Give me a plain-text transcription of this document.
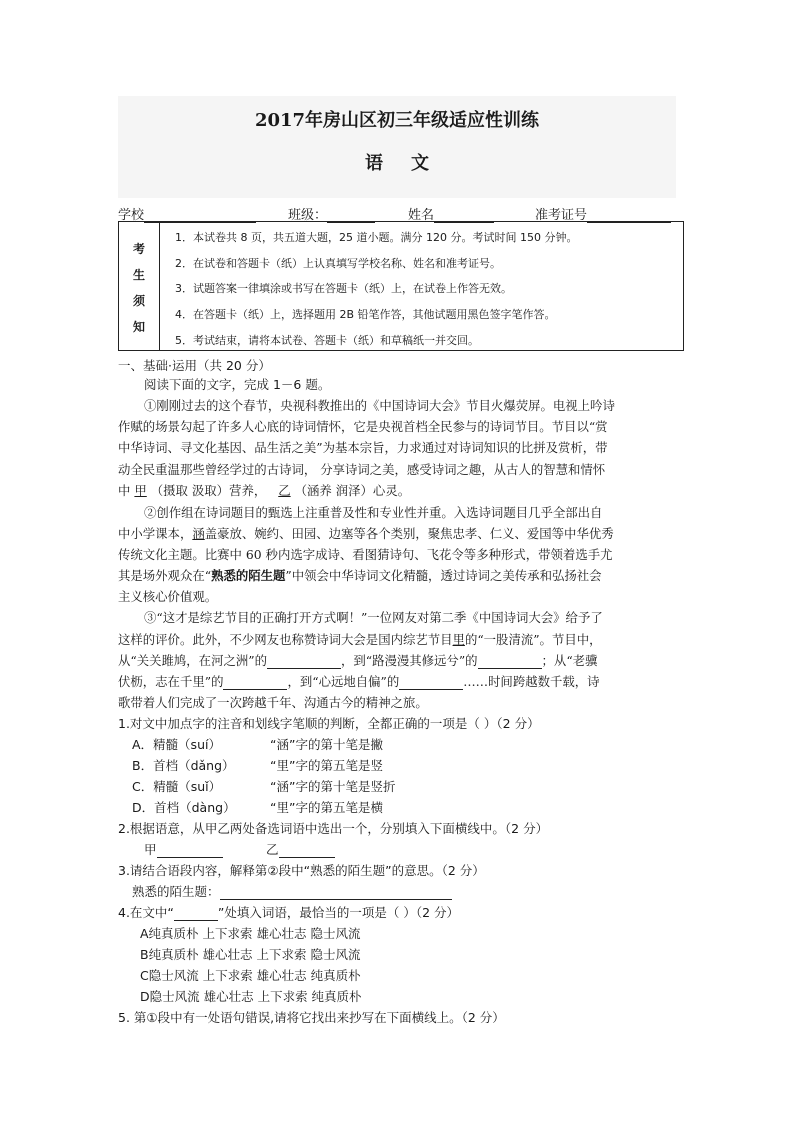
2017年房山区初三年级适应性训练
语文
学校	班级：	姓名	准考证号
考
生
须
知
1．本试卷共 8 页，共五道大题，25 道小题。满分 120 分。考试时间 150 分钟。
2．在试卷和答题卡（纸）上认真填写学校名称、姓名和准考证号。
3．试题答案一律填涂或书写在答题卡（纸）上，在试卷上作答无效。
4．在答题卡（纸）上，选择题用 2B 铅笔作答，其他试题用黑色签字笔作答。
5．考试结束，请将本试卷、答题卡（纸）和草稿纸一并交回。
一、基础·运用（共 20 分）
阅读下面的文字，完成 1－6 题。
①刚刚过去的这个春节，央视科教推出的《中国诗词大会》节目火爆荧屏。电视上吟诗
作赋的场景勾起了许多人心底的诗词情怀，它是央视首档全民参与的诗词节目。节目以“赏
中华诗词、寻文化基因、品生活之美”为基本宗旨，力求通过对诗词知识的比拼及赏析，带
动全民重温那些曾经学过的古诗词， 分享诗词之美，感受诗词之趣，从古人的智慧和情怀
中 甲 （摄取 汲取）营养， 乙 （涵养 润泽）心灵。
②创作组在诗词题目的甄选上注重普及性和专业性并重。入选诗词题目几乎全部出自
中小学课本，涵盖豪放、婉约、田园、边塞等各个类别，聚焦忠孝、仁义、爱国等中华优秀
传统文化主题。比赛中 60 秒内选字成诗、看图猜诗句、飞花令等多种形式，带领着选手尤
其是场外观众在“熟悉的陌生题”中领会中华诗词文化精髓，透过诗词之美传承和弘扬社会
主义核心价值观。
③“这才是综艺节目的正确打开方式啊！”一位网友对第二季《中国诗词大会》给予了
这样的评价。此外，不少网友也称赞诗词大会是国内综艺节目里的“一股清流”。节目中，
从“关关雎鸠，在河之洲”的	，到“路漫漫其修远兮”的	；从“老骥
伏枥，志在千里”的	，到“心远地自偏”的	……时间跨越数千载，诗
歌带着人们完成了一次跨越千年、沟通古今的精神之旅。
1.对文中加点字的注音和划线字笔顺的判断，全都正确的一项是（ ）（2 分）
A．精髓（suí）	“涵”字的第十笔是撇
B．首档（dǎng）	“里”字的第五笔是竖
C．精髓（suǐ）	“涵”字的第十笔是竖折
D．首档（dàng）	“里”字的第五笔是横
2.根据语意，从甲乙两处备选词语中选出一个，分别填入下面横线中。（2 分）
甲	乙
3.请结合语段内容，解释第②段中“熟悉的陌生题”的意思。（2 分）
熟悉的陌生题：
4.在文中“	”处填入词语，最恰当的一项是（ ）（2 分）
A纯真质朴 上下求索 雄心壮志 隐士风流
B纯真质朴 雄心壮志 上下求索 隐士风流
C隐士风流 上下求索 雄心壮志 纯真质朴
D隐士风流 雄心壮志 上下求索 纯真质朴
5. 第①段中有一处语句错误,请将它找出来抄写在下面横线上。（2 分）
